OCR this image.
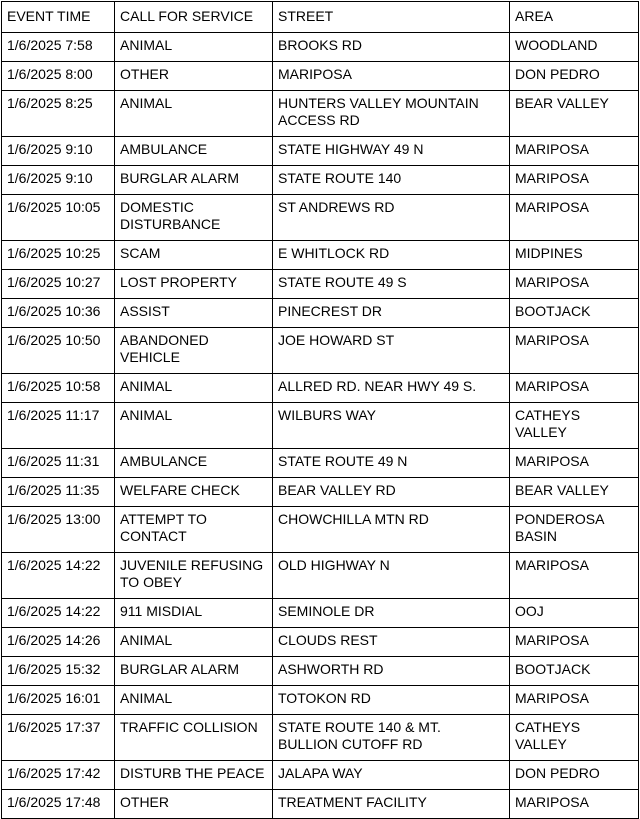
EVENT TIME	CALL FOR SERVICE	STREET	AREA
1/6/2025 7:58	ANIMAL	BROOKS RD	WOODLAND
1/6/2025 8:00	OTHER	MARIPOSA	DON PEDRO
1/6/2025 8:25	ANIMAL	HUNTERS VALLEY MOUNTAIN ACCESS RD	BEAR VALLEY
1/6/2025 9:10	AMBULANCE	STATE HIGHWAY 49 N	MARIPOSA
1/6/2025 9:10	BURGLAR ALARM	STATE ROUTE 140	MARIPOSA
1/6/2025 10:05	DOMESTIC DISTURBANCE	ST ANDREWS RD	MARIPOSA
1/6/2025 10:25	SCAM	E WHITLOCK RD	MIDPINES
1/6/2025 10:27	LOST PROPERTY	STATE ROUTE 49 S	MARIPOSA
1/6/2025 10:36	ASSIST	PINECREST DR	BOOTJACK
1/6/2025 10:50	ABANDONED VEHICLE	JOE HOWARD ST	MARIPOSA
1/6/2025 10:58	ANIMAL	ALLRED RD. NEAR HWY 49 S.	MARIPOSA
1/6/2025 11:17	ANIMAL	WILBURS WAY	CATHEYS VALLEY
1/6/2025 11:31	AMBULANCE	STATE ROUTE 49 N	MARIPOSA
1/6/2025 11:35	WELFARE CHECK	BEAR VALLEY RD	BEAR VALLEY
1/6/2025 13:00	ATTEMPT TO CONTACT	CHOWCHILLA MTN RD	PONDEROSA BASIN
1/6/2025 14:22	JUVENILE REFUSING TO OBEY	OLD HIGHWAY N	MARIPOSA
1/6/2025 14:22	911 MISDIAL	SEMINOLE DR	OOJ
1/6/2025 14:26	ANIMAL	CLOUDS REST	MARIPOSA
1/6/2025 15:32	BURGLAR ALARM	ASHWORTH RD	BOOTJACK
1/6/2025 16:01	ANIMAL	TOTOKON RD	MARIPOSA
1/6/2025 17:37	TRAFFIC COLLISION	STATE ROUTE 140 & MT. BULLION CUTOFF RD	CATHEYS VALLEY
1/6/2025 17:42	DISTURB THE PEACE	JALAPA WAY	DON PEDRO
1/6/2025 17:48	OTHER	TREATMENT FACILITY	MARIPOSA
